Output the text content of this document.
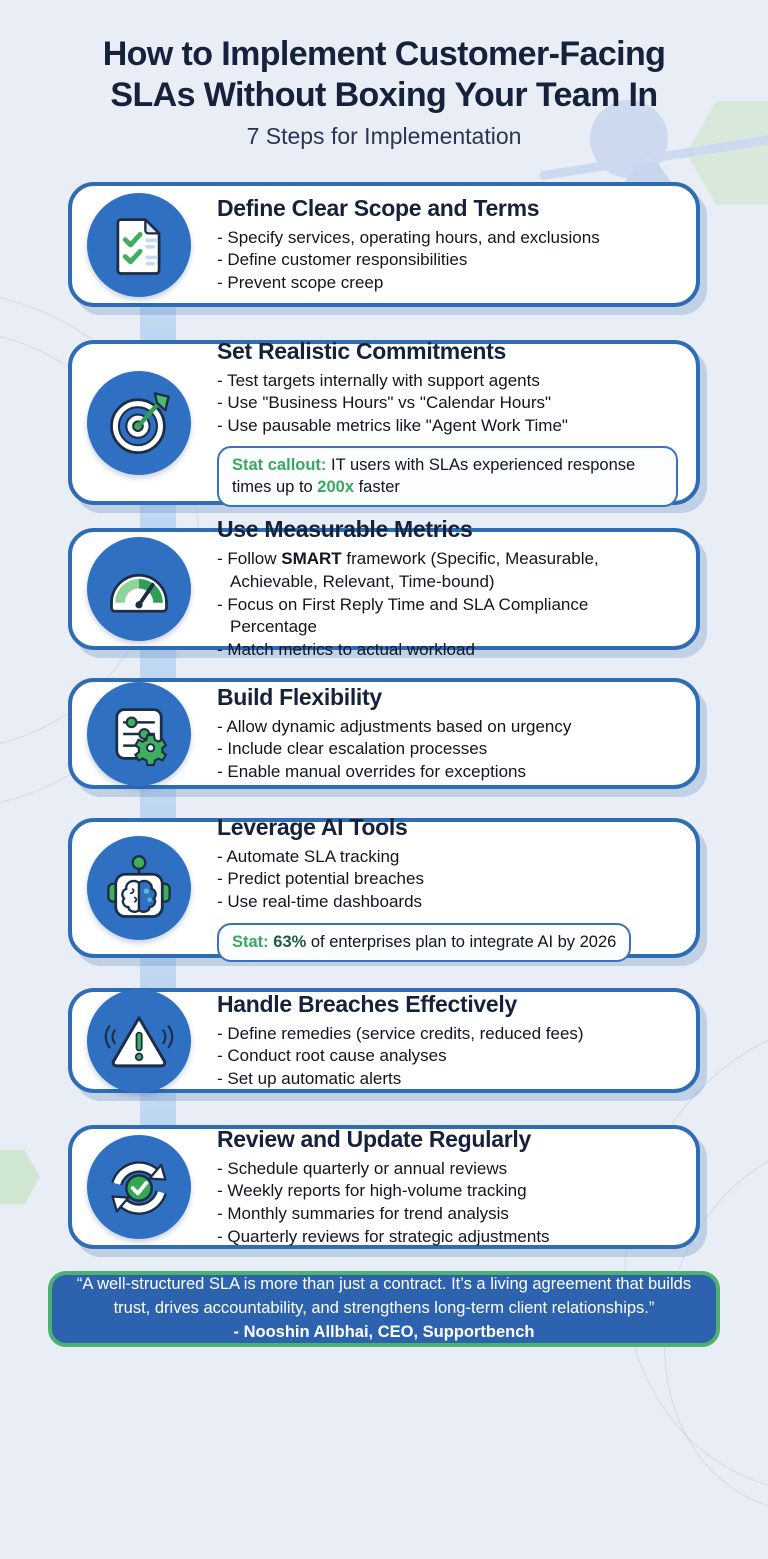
How to Implement Customer-Facing
SLAs Without Boxing Your Team In
7 Steps for Implementation
Define Clear Scope and Terms
- Specify services, operating hours, and exclusions
- Define customer responsibilities
- Prevent scope creep
Set Realistic Commitments
- Test targets internally with support agents
- Use "Business Hours" vs "Calendar Hours"
- Use pausable metrics like "Agent Work Time"
Stat callout: IT users with SLAs experienced response times up to 200x faster
Use Measurable Metrics
- Follow SMART framework (Specific, Measurable, Achievable, Relevant, Time-bound)
- Focus on First Reply Time and SLA Compliance Percentage
- Match metrics to actual workload
Build Flexibility
- Allow dynamic adjustments based on urgency
- Include clear escalation processes
- Enable manual overrides for exceptions
Leverage AI Tools
- Automate SLA tracking
- Predict potential breaches
- Use real-time dashboards
Stat: 63% of enterprises plan to integrate AI by 2026
Handle Breaches Effectively
- Define remedies (service credits, reduced fees)
- Conduct root cause analyses
- Set up automatic alerts
Review and Update Regularly
- Schedule quarterly or annual reviews
- Weekly reports for high-volume tracking
- Monthly summaries for trend analysis
- Quarterly reviews for strategic adjustments
“A well-structured SLA is more than just a contract. It’s a living agreement that builds trust, drives accountability, and strengthens long-term client relationships.”
- Nooshin Allbhai, CEO, Supportbench
